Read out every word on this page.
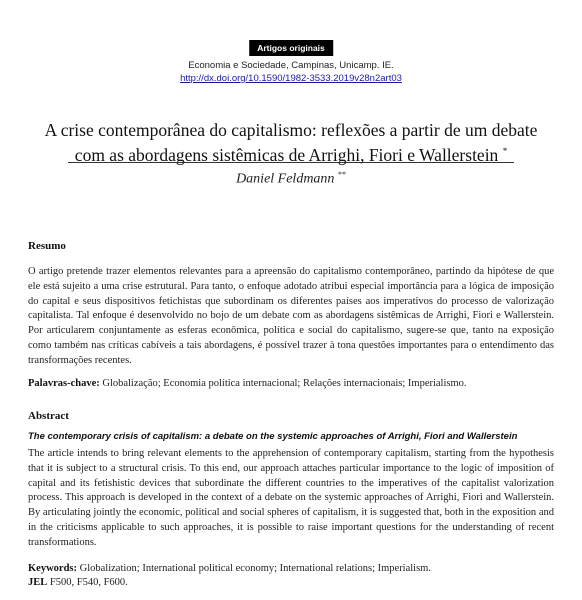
Artigos originais
Economia e Sociedade, Campinas, Unicamp. IE.
http://dx.doi.org/10.1590/1982-3533.2019v28n2art03
A crise contemporânea do capitalismo: reflexões a partir de um debate
com as abordagens sistêmicas de Arrighi, Fiori e Wallerstein *
Daniel Feldmann **
Resumo

O artigo pretende trazer elementos relevantes para a apreensão do capitalismo contemporâneo, partindo da hipótese de que ele está sujeito a uma crise estrutural. Para tanto, o enfoque adotado atribui especial importância para a lógica de imposição do capital e seus dispositivos fetichistas que subordinam os diferentes países aos imperativos do processo de valorização capitalista. Tal enfoque é desenvolvido no bojo de um debate com as abordagens sistêmicas de Arrighi, Fiori e Wallerstein. Por articularem conjuntamente as esferas econômica, política e social do capitalismo, sugere-se que, tanto na exposição como também nas críticas cabíveis a tais abordagens, é possível trazer à tona questões importantes para o entendimento das transformações recentes.

Palavras-chave: Globalização; Economia política internacional; Relações internacionais; Imperialismo.

Abstract
The contemporary crisis of capitalism: a debate on the systemic approaches of Arrighi, Fiori and Wallerstein

The article intends to bring relevant elements to the apprehension of contemporary capitalism, starting from the hypothesis that it is subject to a structural crisis. To this end, our approach attaches particular importance to the logic of imposition of capital and its fetishistic devices that subordinate the different countries to the imperatives of the capitalist valorization process. This approach is developed in the context of a debate on the systemic approaches of Arrighi, Fiori and Wallerstein. By articulating jointly the economic, political and social spheres of capitalism, it is suggested that, both in the exposition and in the criticisms applicable to such approaches, it is possible to raise important questions for the understanding of recent transformations.

Keywords: Globalization; International political economy; International relations; Imperialism.

JEL F500, F540, F600.
